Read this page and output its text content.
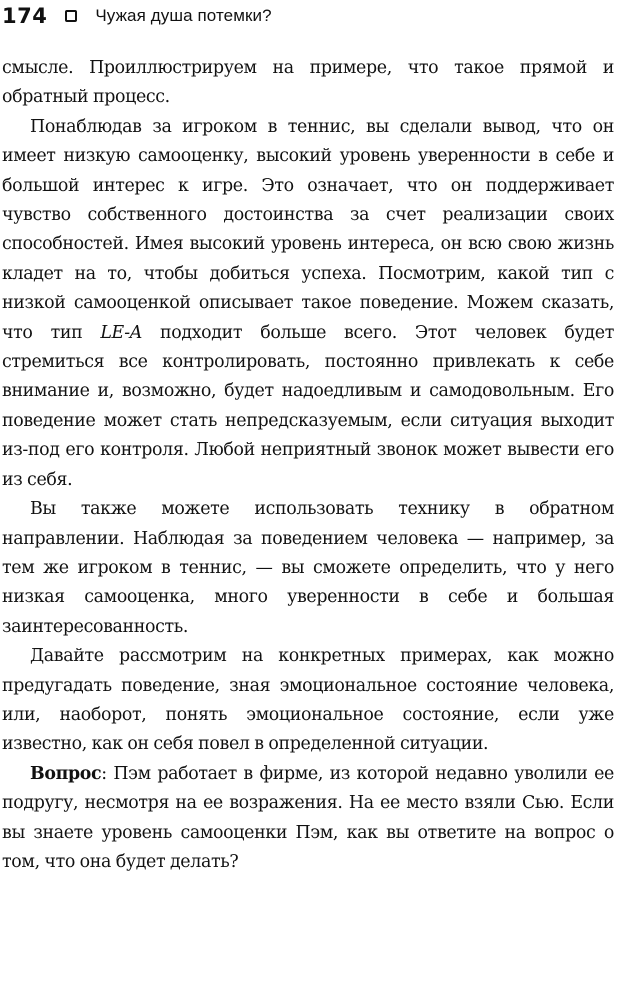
174	Чужая душа потемки?

смысле. Проиллюстрируем на примере, что такое прямой и обратный процесс.

Понаблюдав за игроком в теннис, вы сделали вывод, что он имеет низкую самооценку, высокий уровень уверенности в себе и большой интерес к игре. Это означает, что он поддерживает чувство собственного достоинства за счет реализации своих способностей. Имея высокий уровень интереса, он всю свою жизнь кладет на то, чтобы добиться успеха. Посмотрим, какой тип с низкой самооценкой описывает такое поведение. Можем сказать, что тип LE-A подходит больше всего. Этот человек будет стремиться все контролировать, постоянно привлекать к себе внимание и, возможно, будет надоедливым и самодовольным. Его поведение может стать непредсказуемым, если ситуация выходит из-под его контроля. Любой неприятный звонок может вывести его из себя.

Вы также можете использовать технику в обратном направлении. Наблюдая за поведением человека — например, за тем же игроком в теннис, — вы сможете определить, что у него низкая самооценка, много уверенности в себе и большая заинтересованность.

Давайте рассмотрим на конкретных примерах, как можно предугадать поведение, зная эмоциональное состояние человека, или, наоборот, понять эмоциональное состояние, если уже известно, как он себя повел в определенной ситуации.

Вопрос: Пэм работает в фирме, из которой недавно уволили ее подругу, несмотря на ее возражения. На ее место взяли Сью. Если вы знаете уровень самооценки Пэм, как вы ответите на вопрос о том, что она будет делать?
